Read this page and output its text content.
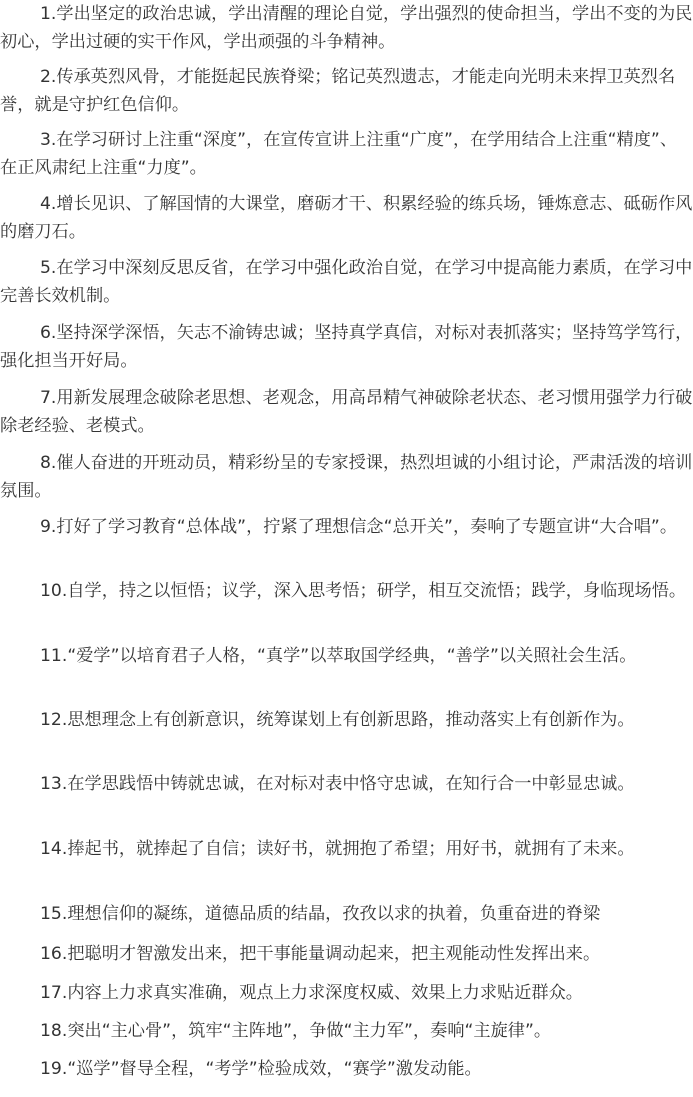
1.学出坚定的政治忠诚，学出清醒的理论自觉，学出强烈的使命担当，学出不变的为民初心，学出过硬的实干作风，学出顽强的斗争精神。

2.传承英烈风骨，才能挺起民族脊梁；铭记英烈遗志，才能走向光明未来捍卫英烈名誉，就是守护红色信仰。

3.在学习研讨上注重“深度”，在宣传宣讲上注重“广度”，在学用结合上注重“精度”、在正风肃纪上注重“力度”。

4.增长见识、了解国情的大课堂，磨砺才干、积累经验的练兵场，锤炼意志、砥砺作风的磨刀石。

5.在学习中深刻反思反省，在学习中强化政治自觉，在学习中提高能力素质，在学习中完善长效机制。

6.坚持深学深悟，矢志不渝铸忠诚；坚持真学真信，对标对表抓落实；坚持笃学笃行，强化担当开好局。

7.用新发展理念破除老思想、老观念，用高昂精气神破除老状态、老习惯用强学力行破除老经验、老模式。

8.催人奋进的开班动员，精彩纷呈的专家授课，热烈坦诚的小组讨论，严肃活泼的培训氛围。

9.打好了学习教育“总体战”，拧紧了理想信念“总开关”，奏响了专题宣讲“大合唱”。

10.自学，持之以恒悟；议学，深入思考悟；研学，相互交流悟；践学，身临现场悟。

11.“爱学”以培育君子人格，“真学”以萃取国学经典，“善学”以关照社会生活。

12.思想理念上有创新意识，统筹谋划上有创新思路，推动落实上有创新作为。

13.在学思践悟中铸就忠诚，在对标对表中恪守忠诚，在知行合一中彰显忠诚。

14.捧起书，就捧起了自信；读好书，就拥抱了希望；用好书，就拥有了未来。

15.理想信仰的凝练，道德品质的结晶，孜孜以求的执着，负重奋进的脊梁

16.把聪明才智激发出来，把干事能量调动起来，把主观能动性发挥出来。

17.内容上力求真实准确，观点上力求深度权威、效果上力求贴近群众。

18.突出“主心骨”，筑牢“主阵地”，争做“主力军”，奏响“主旋律”。

19.“巡学”督导全程，“考学”检验成效，“赛学”激发动能。
